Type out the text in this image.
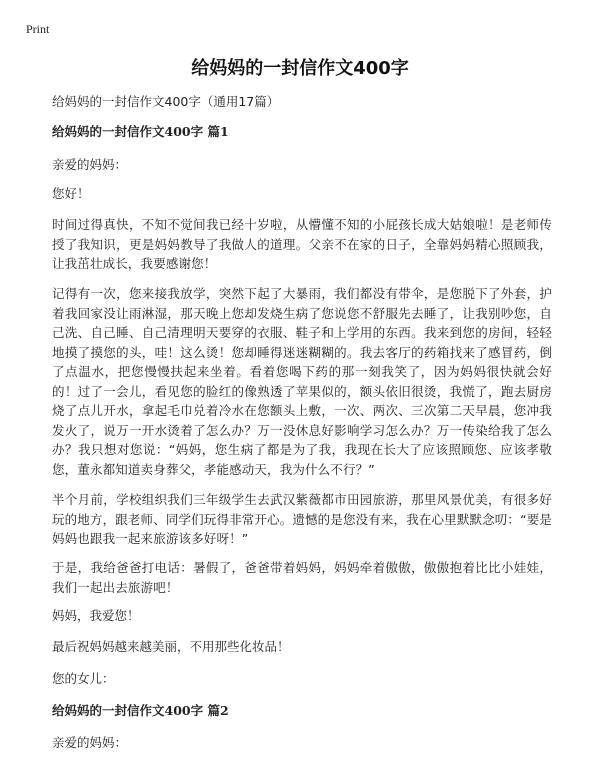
Print
给妈妈的一封信作文400字
给妈妈的一封信作文400字（通用17篇）
给妈妈的一封信作文400字 篇1
亲爱的妈妈：
您好！
时间过得真快，不知不觉间我已经十岁啦，从懵懂不知的小屁孩长成大姑娘啦！是老师传授了我知识，更是妈妈教导了我做人的道理。父亲不在家的日子，全靠妈妈精心照顾我，让我茁壮成长，我要感谢您！
记得有一次，您来接我放学，突然下起了大暴雨，我们都没有带伞，是您脱下了外套，护着我回家没让雨淋湿，那天晚上您却发烧生病了您说您不舒服先去睡了，让我别吵您，自己洗、自己睡、自己清理明天要穿的衣服、鞋子和上学用的东西。我来到您的房间，轻轻地摸了摸您的头，哇！这么烫！您却睡得迷迷糊糊的。我去客厅的药箱找来了感冒药，倒了点温水，把您慢慢扶起来坐着。看着您喝下药的那一刻我笑了，因为妈妈很快就会好的！过了一会儿，看见您的脸红的像熟透了苹果似的，额头依旧很烫，我慌了，跑去厨房烧了点儿开水，拿起毛巾兑着冷水在您额头上敷，一次、两次、三次第二天早晨，您冲我发火了，说万一开水烫着了怎么办？万一没休息好影响学习怎么办？万一传染给我了怎么办？我只想对您说：“妈妈，您生病了都是为了我，我现在长大了应该照顾您、应该孝敬您，董永都知道卖身葬父，孝能感动天，我为什么不行？”
半个月前，学校组织我们三年级学生去武汉紫薇都市田园旅游，那里风景优美，有很多好玩的地方，跟老师、同学们玩得非常开心。遗憾的是您没有来，我在心里默默念叨：“要是妈妈也跟我一起来旅游该多好呀！”
于是，我给爸爸打电话：暑假了，爸爸带着妈妈，妈妈牵着傲傲，傲傲抱着比比小娃娃，我们一起出去旅游吧！
妈妈，我爱您！
最后祝妈妈越来越美丽，不用那些化妆品！
您的女儿：
给妈妈的一封信作文400字 篇2
亲爱的妈妈：
